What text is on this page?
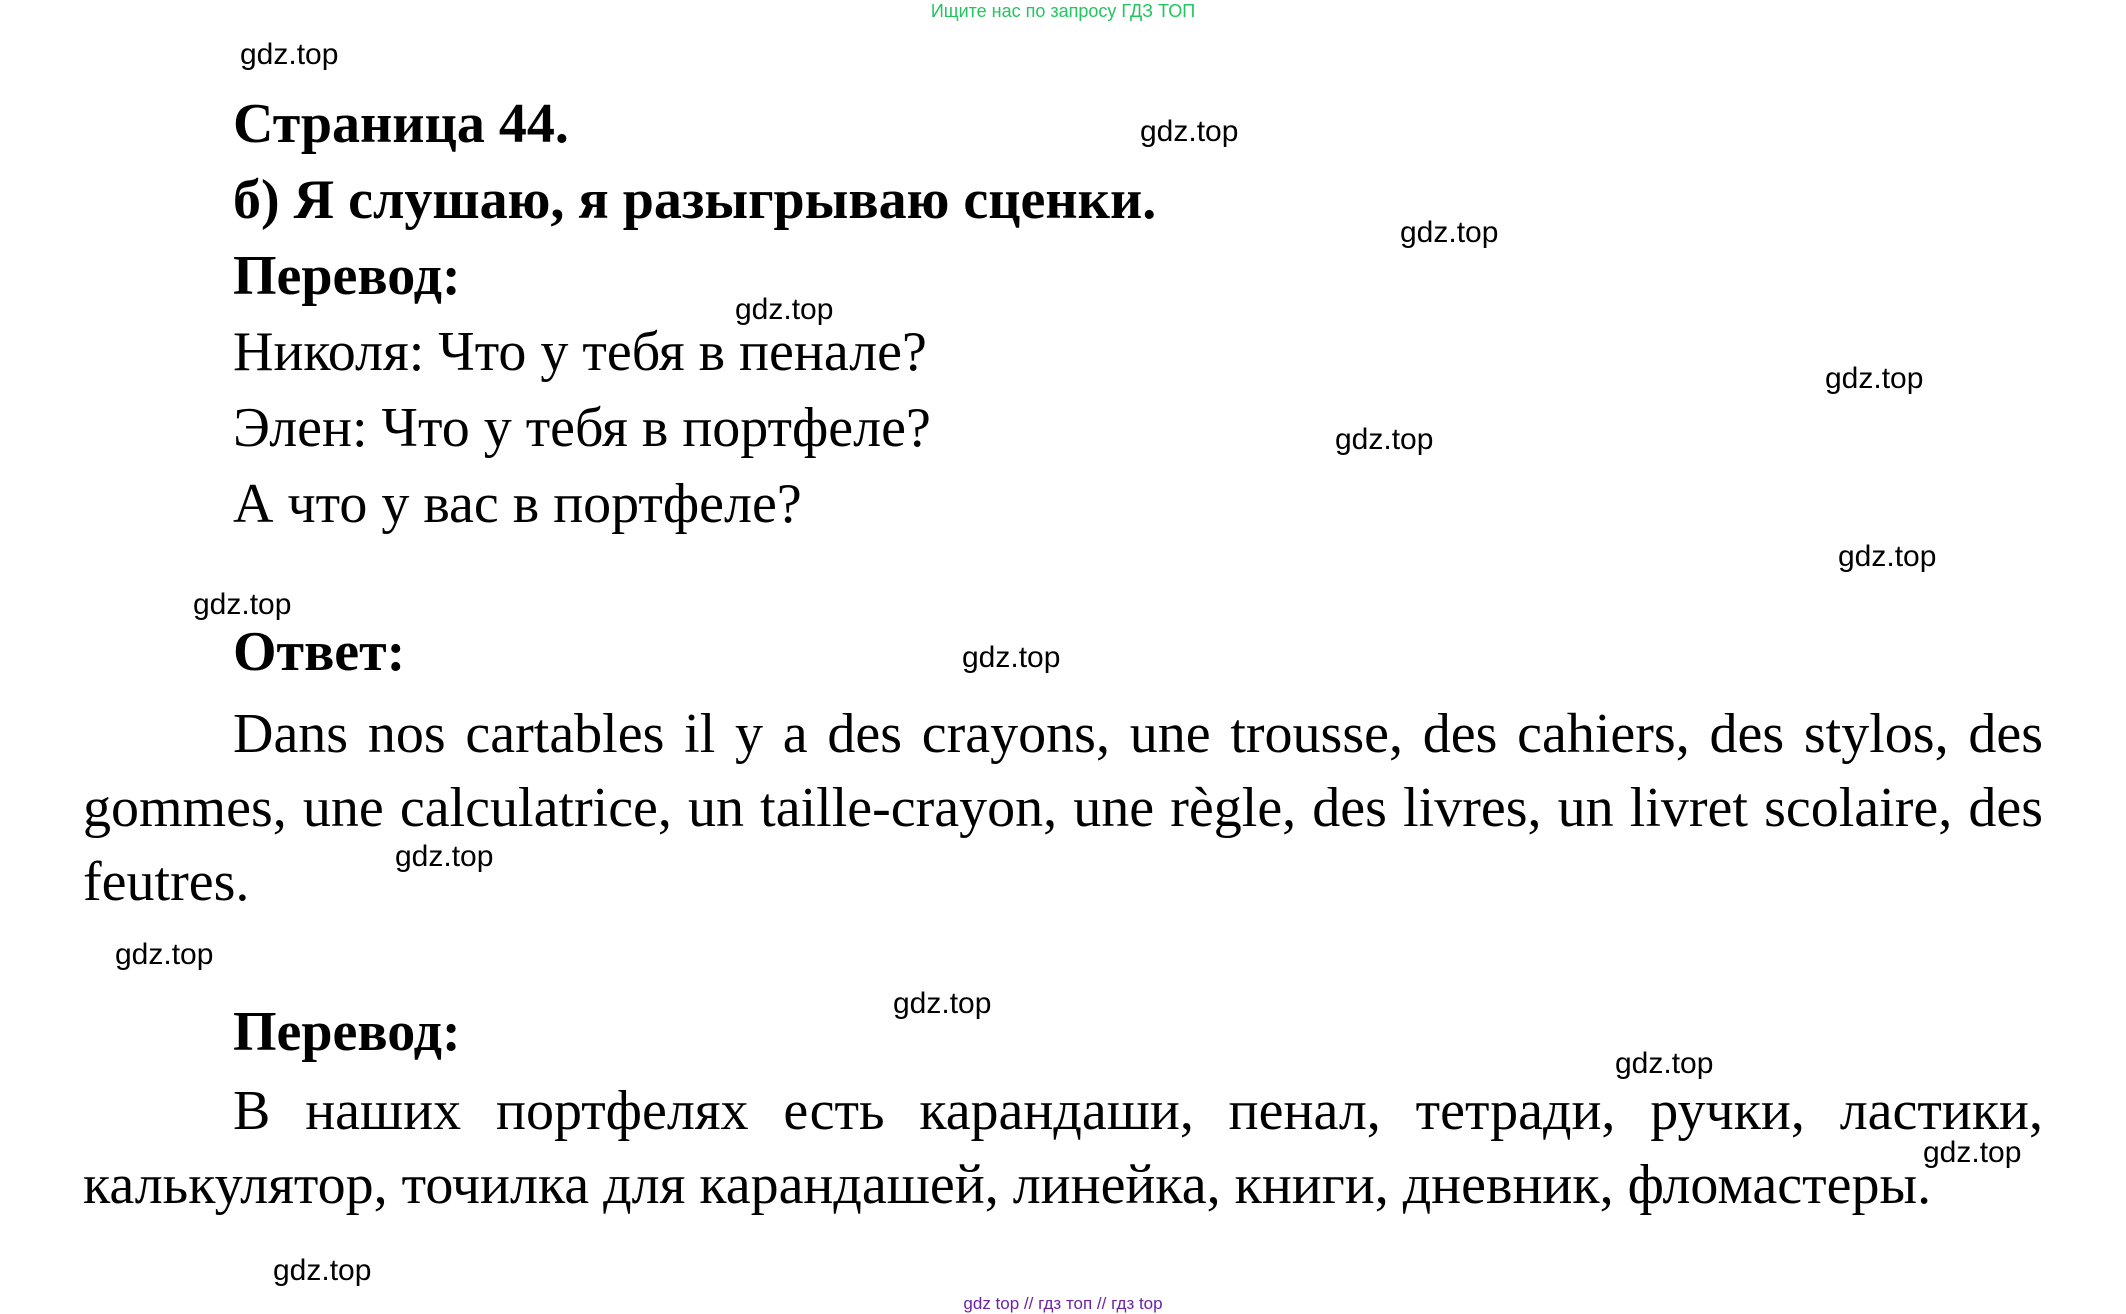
Ищите нас по запросу ГДЗ ТОП
Страница 44.
б) Я слушаю, я разыгрываю сценки.
Перевод:
Николя: Что у тебя в пенале?
Элен: Что у тебя в портфеле?
А что у вас в портфеле?
Ответ:
Dans nos cartables il y a des crayons, une trousse, des cahiers, des stylos, des gommes, une calculatrice, un taille-crayon, une règle, des livres, un livret scolaire, des feutres.
Перевод:
В наших портфелях есть карандаши, пенал, тетради, ручки, ластики, калькулятор, точилка для карандашей, линейка, книги, дневник, фломастеры.
gdz.top
gdz.top
gdz.top
gdz.top
gdz.top
gdz.top
gdz.top
gdz.top
gdz.top
gdz.top
gdz.top
gdz.top
gdz.top
gdz.top
gdz.top
gdz top // гдз топ // гдз top
